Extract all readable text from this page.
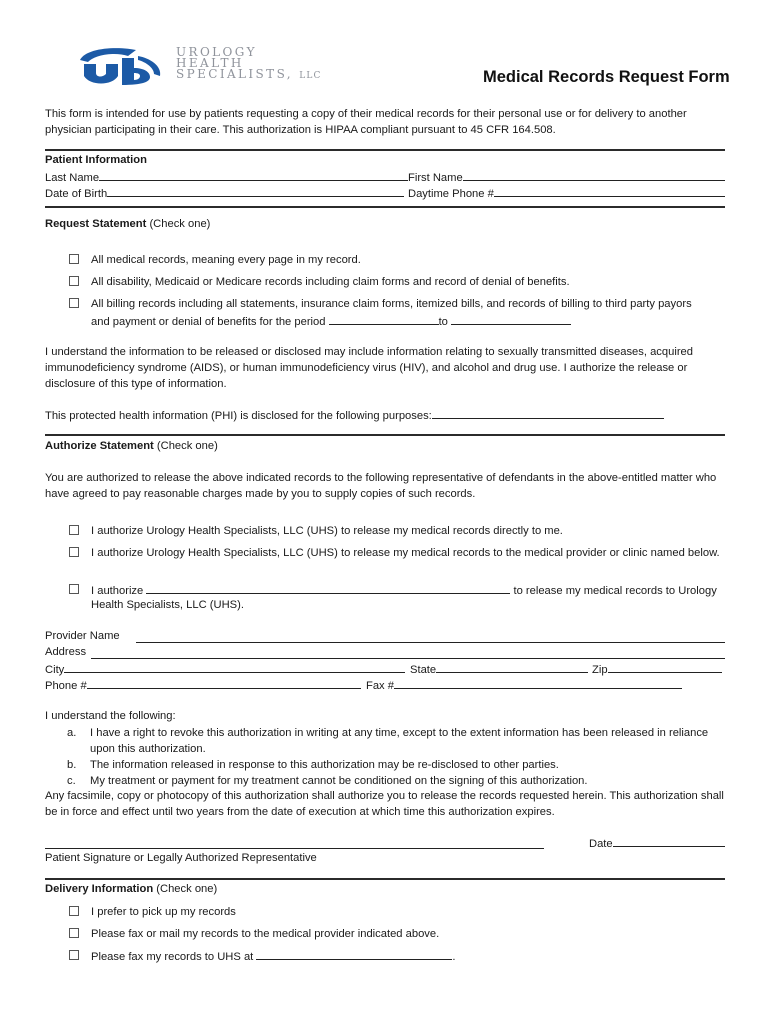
UROLOGY
HEALTH
SPECIALISTS, LLC	Medical Records Request Form
This form is intended for use by patients requesting a copy of their medical records for their personal use or for delivery to another physician participating in their care. This authorization is HIPAA compliant pursuant to 45 CFR 164.508.
Patient Information
Last Name	First Name
Date of Birth	Daytime Phone #
Request Statement (Check one)
All medical records, meaning every page in my record.
All disability, Medicaid or Medicare records including claim forms and record of denial of benefits.
All billing records including all statements, insurance claim forms, itemized bills, and records of billing to third party payors
and payment or denial of benefits for the period	to
I understand the information to be released or disclosed may include information relating to sexually transmitted diseases, acquired immunodeficiency syndrome (AIDS), or human immunodeficiency virus (HIV), and alcohol and drug use. I authorize the release or disclosure of this type of information.
This protected health information (PHI) is disclosed for the following purposes:
Authorize Statement (Check one)
You are authorized to release the above indicated records to the following representative of defendants in the above-entitled matter who have agreed to pay reasonable charges made by you to supply copies of such records.
I authorize Urology Health Specialists, LLC (UHS) to release my medical records directly to me.
I authorize Urology Health Specialists, LLC (UHS) to release my medical records to the medical provider or clinic named below.
I authorize	to release my medical records to Urology
Health Specialists, LLC (UHS).
Provider Name
Address
City	State	Zip
Phone #	Fax #
I understand the following:
a. I have a right to revoke this authorization in writing at any time, except to the extent information has been released in reliance upon this authorization.
b. The information released in response to this authorization may be re-disclosed to other parties.
c. My treatment or payment for my treatment cannot be conditioned on the signing of this authorization.
Any facsimile, copy or photocopy of this authorization shall authorize you to release the records requested herein. This authorization shall be in force and effect until two years from the date of execution at which time this authorization expires.
Date
Patient Signature or Legally Authorized Representative
Delivery Information (Check one)
I prefer to pick up my records
Please fax or mail my records to the medical provider indicated above.
Please fax my records to UHS at	.
